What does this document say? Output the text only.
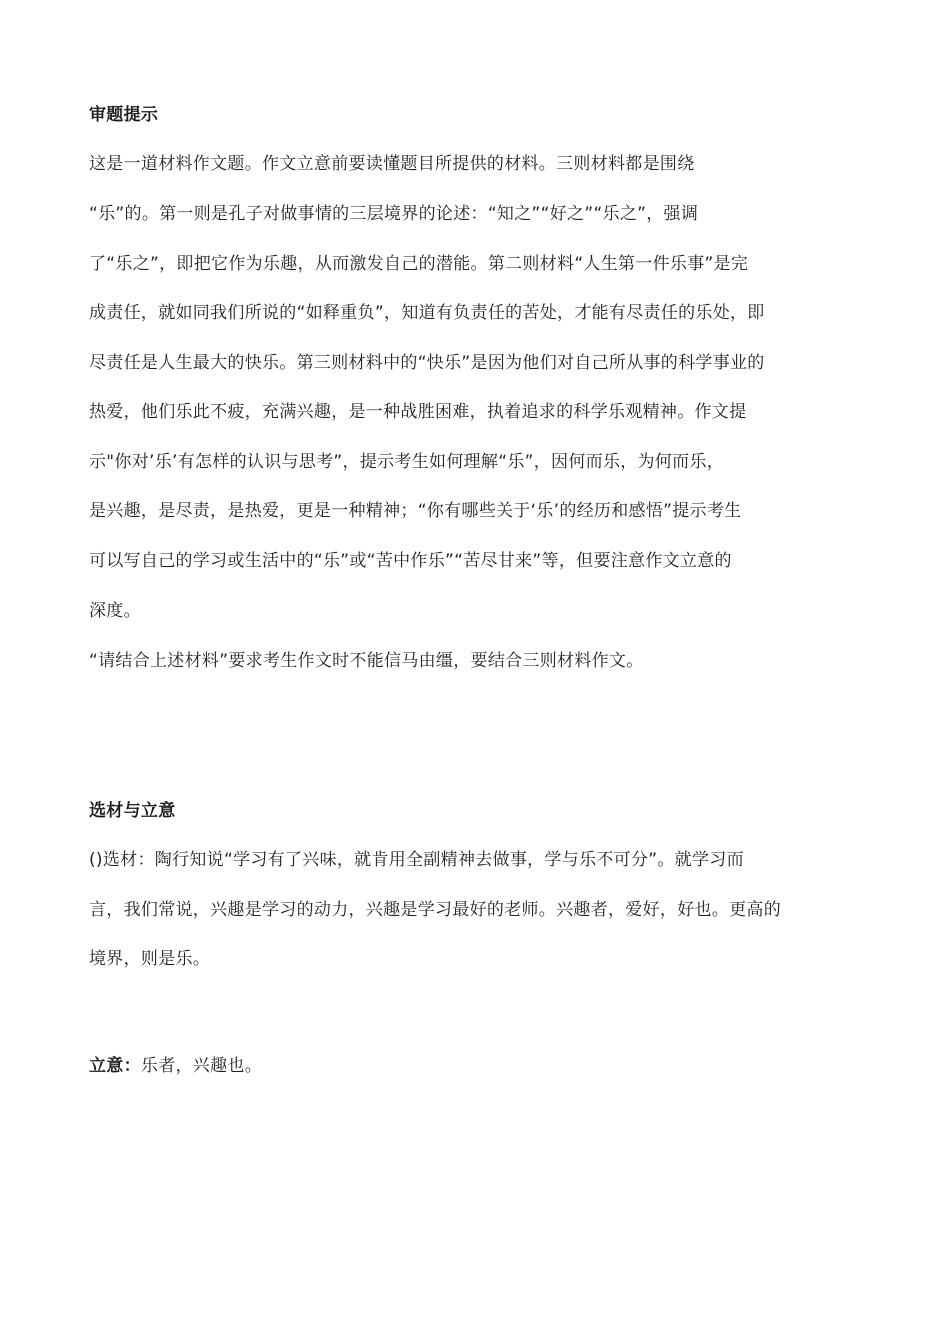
审题提示
这是一道材料作文题。作文立意前要读懂题目所提供的材料。三则材料都是围绕
“乐”的。第一则是孔子对做事情的三层境界的论述：“知之”“好之”“乐之”，强调
了“乐之”，即把它作为乐趣，从而激发自己的潜能。第二则材料“人生第一件乐事”是完
成责任，就如同我们所说的“如释重负”，知道有负责任的苦处，才能有尽责任的乐处，即
尽责任是人生最大的快乐。第三则材料中的“快乐”是因为他们对自己所从事的科学事业的
热爱，他们乐此不疲，充满兴趣，是一种战胜困难，执着追求的科学乐观精神。作文提
示"你对’乐’有怎样的认识与思考”，提示考生如何理解“乐”，因何而乐，为何而乐，
是兴趣，是尽责，是热爱，更是一种精神；“你有哪些关于‘乐’的经历和感悟”提示考生
可以写自己的学习或生活中的“乐”或“苦中作乐”“苦尽甘来”等，但要注意作文立意的
深度。
“请结合上述材料”要求考生作文时不能信马由缰，要结合三则材料作文。
选材与立意
()选材：陶行知说“学习有了兴味，就肯用全副精神去做事，学与乐不可分”。就学习而
言，我们常说，兴趣是学习的动力，兴趣是学习最好的老师。兴趣者，爱好，好也。更高的
境界，则是乐。
立意：乐者，兴趣也。
